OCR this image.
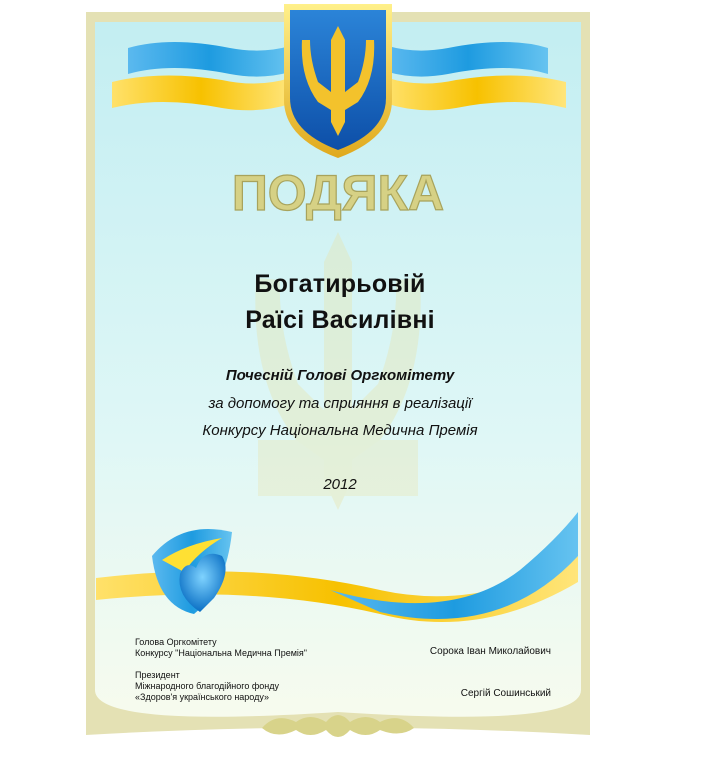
ПОДЯКА

Богатирьовій

Раїсі Василівні

Почесній Голові Оргкомітету

за допомогу та сприяння в реалізації

Конкурсу Національна Медична Премія

2012

Голова Оргкомітету
Конкурсу "Національна Медична Премія"	Сорока Іван Миколайович
Президент
Міжнародного благодійного фонду
«Здоров'я українського народу»	Сергій Сошинський
